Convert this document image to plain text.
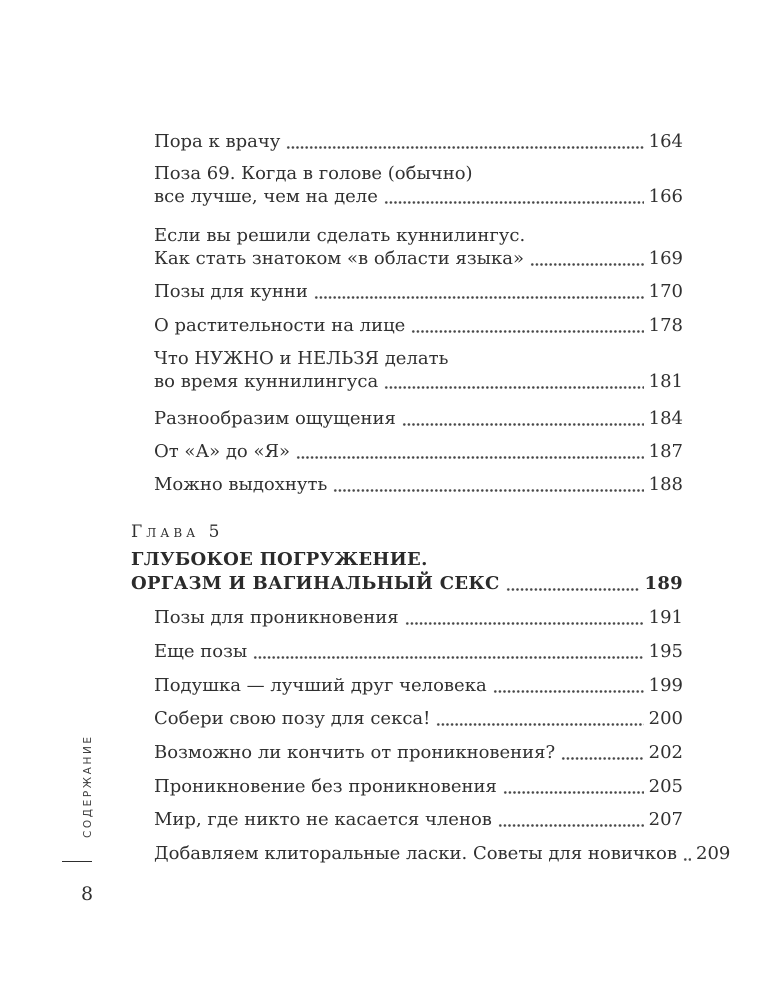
Пора к врачу	164
Поза 69. Когда в голове (обычно)
все лучше, чем на деле	166
Если вы решили сделать куннилингус.
Как стать знатоком «в области языка»	169
Позы для кунни	170
О растительности на лице	178
Что НУЖНО и НЕЛЬЗЯ делать
во время куннилингуса	181
Разнообразим ощущения	184
От «А» до «Я»	187
Можно выдохнуть	188
Глава 5
ГЛУБОКОЕ ПОГРУЖЕНИЕ.
ОРГАЗМ И ВАГИНАЛЬНЫЙ СЕКС	189
Позы для проникновения	191
Еще позы	195
Подушка — лучший друг человека	199
Собери свою позу для секса!	200
Возможно ли кончить от проникновения?	202
Проникновение без проникновения	205
Мир, где никто не касается членов	207
Добавляем клиторальные ласки. Советы для новичков 209
СОДЕРЖАНИЕ
8
